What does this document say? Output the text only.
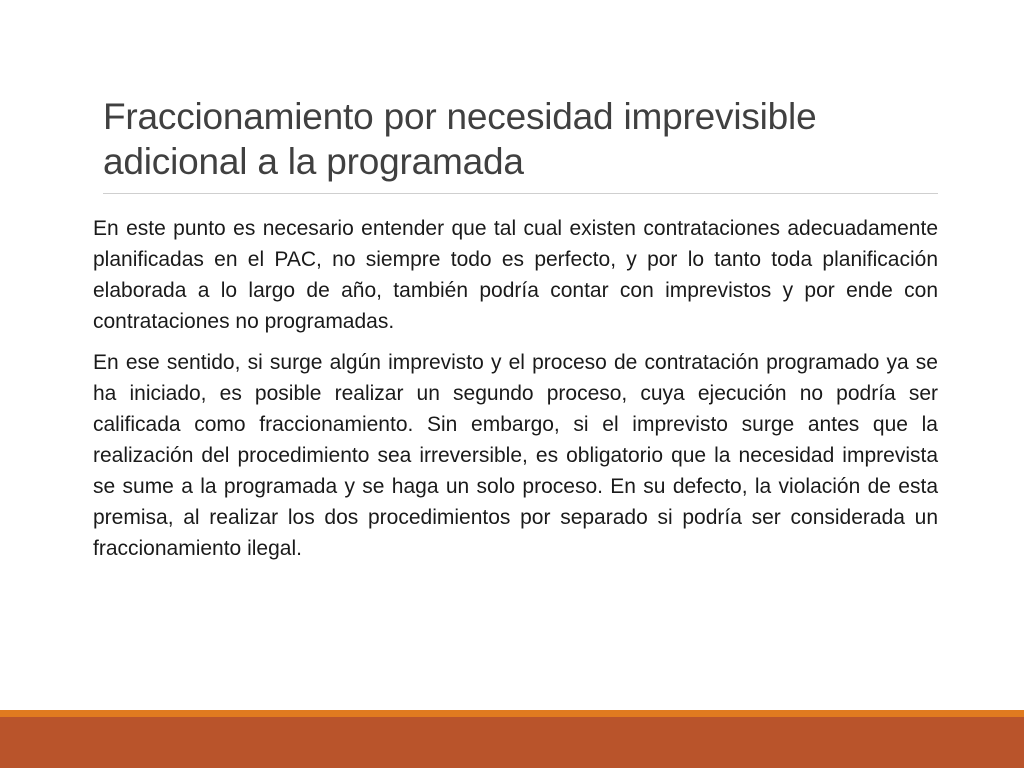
Fraccionamiento por necesidad imprevisible
adicional a la programada

En este punto es necesario entender que tal cual existen contrataciones adecuadamente planificadas en el PAC, no siempre todo es perfecto, y por lo tanto toda planificación elaborada a lo largo de año, también podría contar con imprevistos y por ende con contrataciones no programadas.

En ese sentido, si surge algún imprevisto y el proceso de contratación programado ya se ha iniciado, es posible realizar un segundo proceso, cuya ejecución no podría ser calificada como fraccionamiento. Sin embargo, si el imprevisto surge antes que la realización del procedimiento sea irreversible, es obligatorio que la necesidad imprevista se sume a la programada y se haga un solo proceso. En su defecto, la violación de esta premisa, al realizar los dos procedimientos por separado si podría ser considerada un fraccionamiento ilegal.
